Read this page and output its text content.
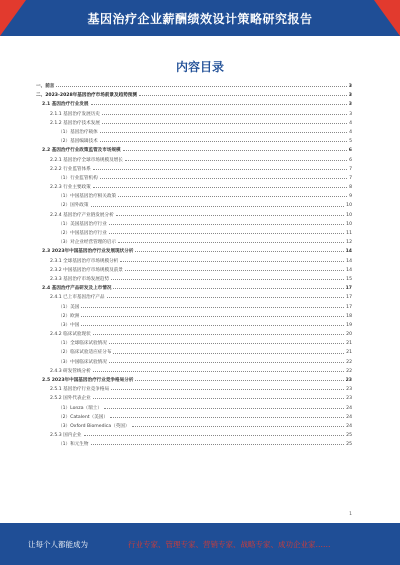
基因治疗企业薪酬绩效设计策略研究报告
内容目录
一、前言	3
二、2023-2028年基因治疗市场前景及趋势预测	3
2.1 基因治疗行业发展	3
2.1.1 基因治疗发展历史	3
2.1.2 基因治疗技术发展	4
（1）基因治疗载体	4
（2）基因编辑技术	5
2.2 基因治疗行业政策监管及市场规模	6
2.2.1 基因治疗全球市场规模及增长	6
2.2.2 行业监管体系	7
（1）行业监管机构	7
2.2.3 行业主要政策	8
（1）中国基因治疗相关政策	9
（2）国外政策	10
2.2.4 基因治疗产业链发展分析	10
（1）美国基因治疗行业	10
（2）中国基因治疗行业	11
（3）对企业经营管理的启示	12
2.3 2023年中国基因治疗行业发展现状分析	14
2.3.1 全球基因治疗市场规模分析	14
2.3.2 中国基因治疗市场规模及前景	14
2.3.3 基因治疗市场发展趋势	15
2.4 基因治疗产品研发及上市情况	17
2.4.1 已上市基因治疗产品	17
（1）美国	17
（2）欧洲	18
（3）中国	19
2.4.2 临床试验现状	20
（1）全球临床试验情况	21
（2）临床试验适应症分布	21
（3）中国临床试验情况	22
2.4.3 研发管线分析	22
2.5 2023年中国基因治疗行业竞争格局分析	23
2.5.1 基因治疗行业竞争格局	23
2.5.2 国外代表企业	23
（1）Lonza（瑞士）	24
（2）Catalent（美国）	24
（3）Oxford Biomedica（英国）	24
2.5.3 国内企业	25
（1）和元生物	25
1
让每个人都能成为	行业专家、管理专家、营销专家、战略专家、成功企业家……
